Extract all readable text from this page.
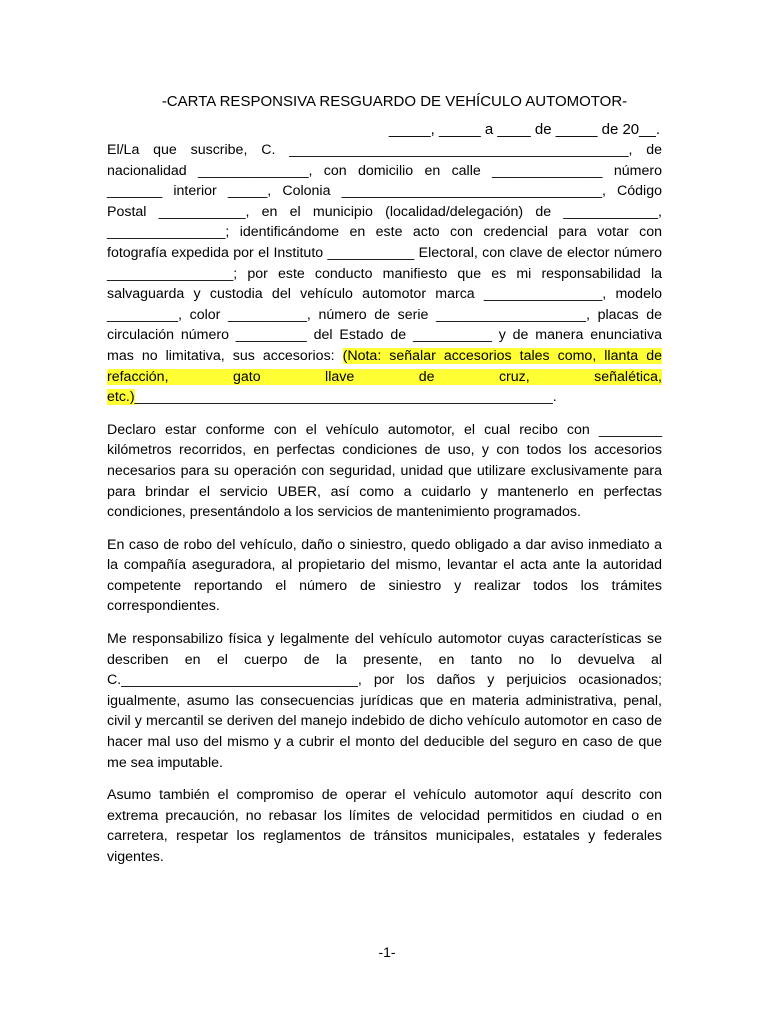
-CARTA RESPONSIVA RESGUARDO DE VEHÍCULO AUTOMOTOR-

_____, _____ a ____ de _____ de 20__.

El/La que suscribe, C. ___________________________________________, de nacionalidad ______________, con domicilio en calle ______________ número _______ interior _____, Colonia _________________________________, Código Postal ___________, en el municipio (localidad/delegación) de ____________, _______________; identificándome en este acto con credencial para votar con fotografía expedida por el Instituto ___________ Electoral, con clave de elector número ________________; por este conducto manifiesto que es mi responsabilidad la salvaguarda y custodia del vehículo automotor marca _______________, modelo _________, color __________, número de serie ___________________, placas de circulación número _________ del Estado de __________ y de manera enunciativa mas no limitativa, sus accesorios: (Nota: señalar accesorios tales como, llanta de refacción, gato llave de cruz, señalética, etc.)_____________________________________________________.

Declaro estar conforme con el vehículo automotor, el cual recibo con ________ kilómetros recorridos, en perfectas condiciones de uso, y con todos los accesorios necesarios para su operación con seguridad, unidad que utilizare exclusivamente para para brindar el servicio UBER, así como a cuidarlo y mantenerlo en perfectas condiciones, presentándolo a los servicios de mantenimiento programados.

En caso de robo del vehículo, daño o siniestro, quedo obligado a dar aviso inmediato a la compañía aseguradora, al propietario del mismo, levantar el acta ante la autoridad competente reportando el número de siniestro y realizar todos los trámites correspondientes.

Me responsabilizo física y legalmente del vehículo automotor cuyas características se describen en el cuerpo de la presente, en tanto no lo devuelva al C.______________________________, por los daños y perjuicios ocasionados; igualmente, asumo las consecuencias jurídicas que en materia administrativa, penal, civil y mercantil se deriven del manejo indebido de dicho vehículo automotor en caso de hacer mal uso del mismo y a cubrir el monto del deducible del seguro en caso de que me sea imputable.

Asumo también el compromiso de operar el vehículo automotor aquí descrito con extrema precaución, no rebasar los límites de velocidad permitidos en ciudad o en carretera, respetar los reglamentos de tránsitos municipales, estatales y federales vigentes.

-1-
